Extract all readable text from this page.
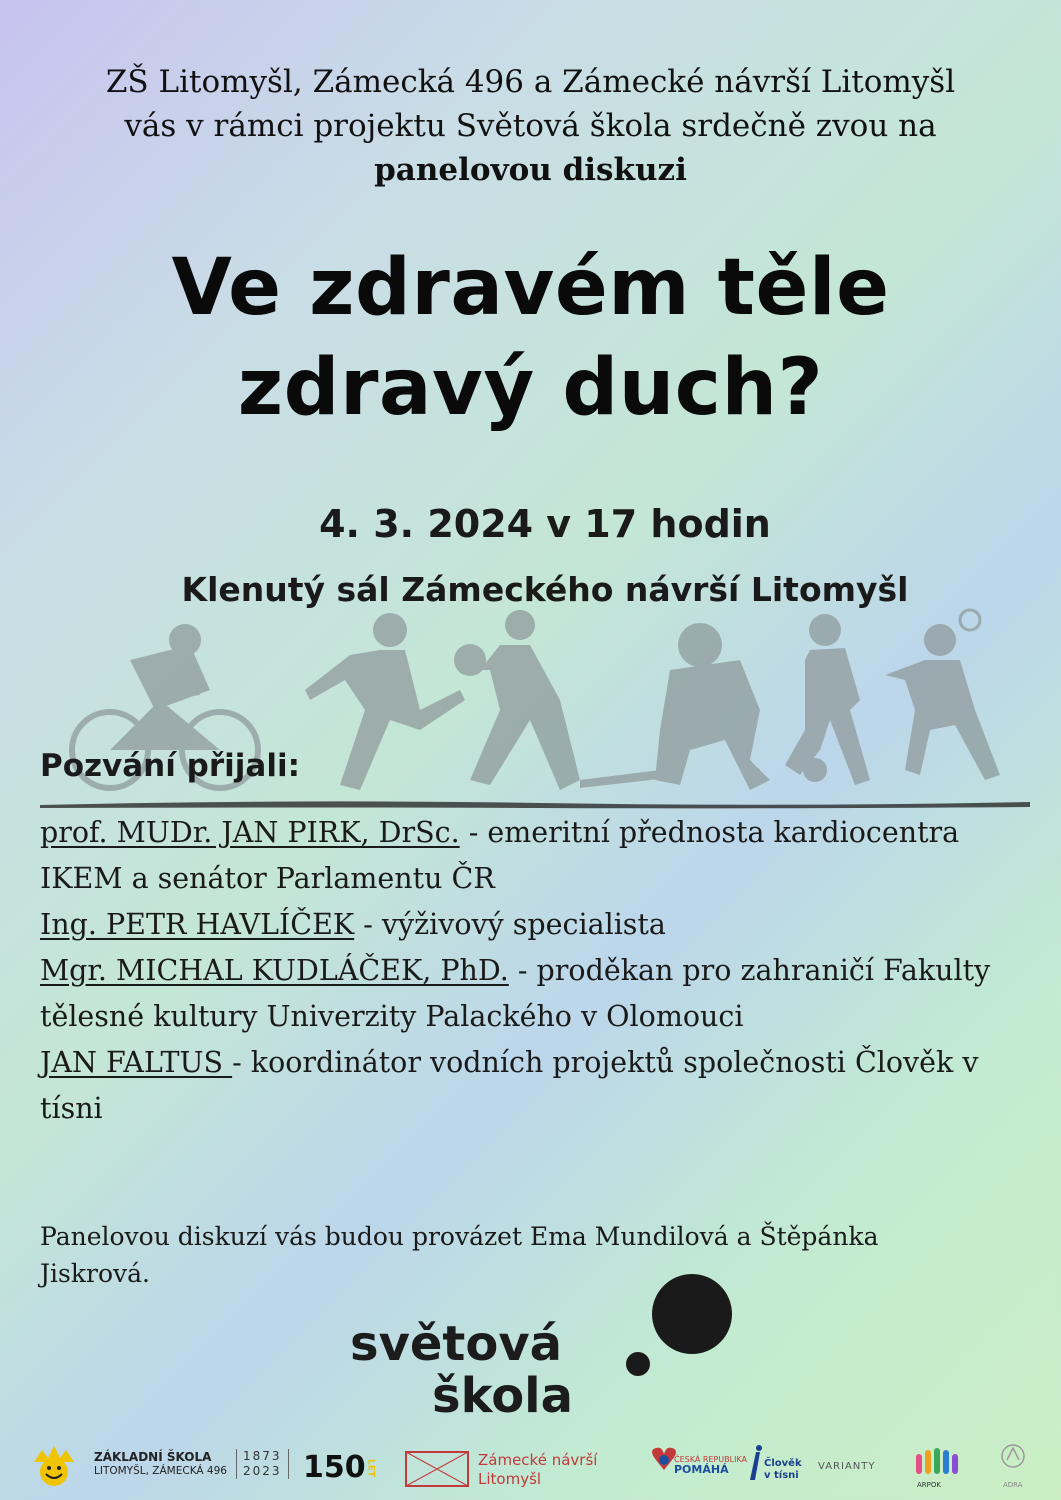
ZŠ Litomyšl, Zámecká 496 a Zámecké návrší Litomyšl
vás v rámci projektu Světová škola srdečně zvou na
panelovou diskuzi
Ve zdravém těle
zdravý duch?
4. 3. 2024 v 17 hodin
Klenutý sál Zámeckého návrší Litomyšl
Pozvání přijali:

prof. MUDr. JAN PIRK, DrSc. - emeritní přednosta kardiocentra IKEM a senátor Parlamentu ČR

Ing. PETR HAVLÍČEK - výživový specialista

Mgr. MICHAL KUDLÁČEK, PhD. - proděkan pro zahraničí Fakulty tělesné kultury Univerzity Palackého v Olomouci

JAN FALTUS - koordinátor vodních projektů společnosti Člověk v tísni

Panelovou diskuzí vás budou provázet Ema Mundilová a Štěpánka Jiskrová.
světová
škola
ZÁKLADNÍ ŠKOLA
LITOMYŠL, ZÁMECKÁ 496
1873
2023 150LET	Zámecké návrší
Litomyšl
ČESKÁ REPUBLIKA
POMÁHÁ	Člověk
v tísni
VARIANTY
ARPOK	ADRA
